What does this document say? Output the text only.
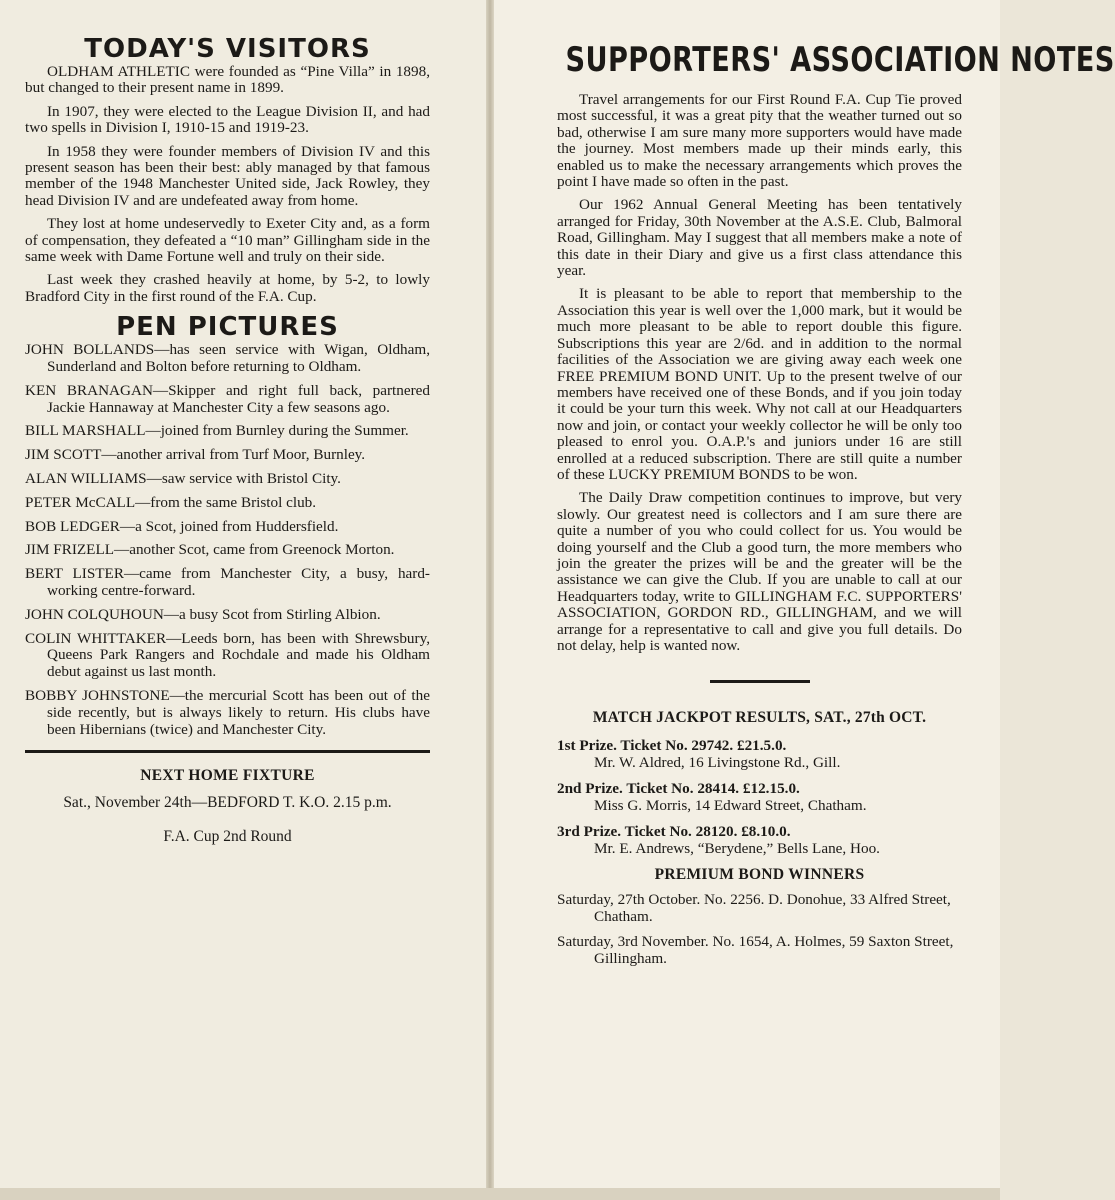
TODAY'S VISITORS

OLDHAM ATHLETIC were founded as “Pine Villa” in 1898, but changed to their present name in 1899.

In 1907, they were elected to the League Division II, and had two spells in Division I, 1910-15 and 1919-23.

In 1958 they were founder members of Division IV and this present season has been their best: ably managed by that famous member of the 1948 Manchester United side, Jack Rowley, they head Division IV and are undefeated away from home.

They lost at home undeservedly to Exeter City and, as a form of compensation, they defeated a “10 man” Gillingham side in the same week with Dame Fortune well and truly on their side.

Last week they crashed heavily at home, by 5-2, to lowly Bradford City in the first round of the F.A. Cup.

PEN PICTURES

JOHN BOLLANDS—has seen service with Wigan, Oldham, Sunderland and Bolton before returning to Oldham.

KEN BRANAGAN—Skipper and right full back, partnered Jackie Hannaway at Manchester City a few seasons ago.

BILL MARSHALL—joined from Burnley during the Summer.

JIM SCOTT—another arrival from Turf Moor, Burnley.

ALAN WILLIAMS—saw service with Bristol City.

PETER McCALL—from the same Bristol club.

BOB LEDGER—a Scot, joined from Huddersfield.

JIM FRIZELL—another Scot, came from Greenock Morton.

BERT LISTER—came from Manchester City, a busy, hard-working centre-forward.

JOHN COLQUHOUN—a busy Scot from Stirling Albion.

COLIN WHITTAKER—Leeds born, has been with Shrewsbury, Queens Park Rangers and Rochdale and made his Oldham debut against us last month.

BOBBY JOHNSTONE—the mercurial Scott has been out of the side recently, but is always likely to return. His clubs have been Hibernians (twice) and Manchester City.

NEXT HOME FIXTURE

Sat., November 24th—BEDFORD T. K.O. 2.15 p.m.

F.A. Cup 2nd Round

SUPPORTERS' ASSOCIATION NOTES

Travel arrangements for our First Round F.A. Cup Tie proved most successful, it was a great pity that the weather turned out so bad, otherwise I am sure many more supporters would have made the journey. Most members made up their minds early, this enabled us to make the necessary arrangements which proves the point I have made so often in the past.

Our 1962 Annual General Meeting has been tentatively arranged for Friday, 30th November at the A.S.E. Club, Balmoral Road, Gillingham. May I suggest that all members make a note of this date in their Diary and give us a first class attendance this year.

It is pleasant to be able to report that membership to the Association this year is well over the 1,000 mark, but it would be much more pleasant to be able to report double this figure. Subscriptions this year are 2/6d. and in addition to the normal facilities of the Association we are giving away each week one FREE PREMIUM BOND UNIT. Up to the present twelve of our members have received one of these Bonds, and if you join today it could be your turn this week. Why not call at our Headquarters now and join, or contact your weekly collector he will be only too pleased to enrol you. O.A.P.'s and juniors under 16 are still enrolled at a reduced subscription. There are still quite a number of these LUCKY PREMIUM BONDS to be won.

The Daily Draw competition continues to improve, but very slowly. Our greatest need is collectors and I am sure there are quite a number of you who could collect for us. You would be doing yourself and the Club a good turn, the more members who join the greater the prizes will be and the greater will be the assistance we can give the Club. If you are unable to call at our Headquarters today, write to GILLINGHAM F.C. SUPPORTERS' ASSOCIATION, GORDON RD., GILLINGHAM, and we will arrange for a representative to call and give you full details. Do not delay, help is wanted now.

MATCH JACKPOT RESULTS, SAT., 27th OCT.

1st Prize. Ticket No. 29742. £21.5.0.
Mr. W. Aldred, 16 Livingstone Rd., Gill.
2nd Prize. Ticket No. 28414. £12.15.0.
Miss G. Morris, 14 Edward Street, Chatham.
3rd Prize. Ticket No. 28120. £8.10.0.
Mr. E. Andrews, “Berydene,” Bells Lane, Hoo.

PREMIUM BOND WINNERS

Saturday, 27th October. No. 2256. D. Donohue, 33 Alfred Street, Chatham.

Saturday, 3rd November. No. 1654, A. Holmes, 59 Saxton Street, Gillingham.
